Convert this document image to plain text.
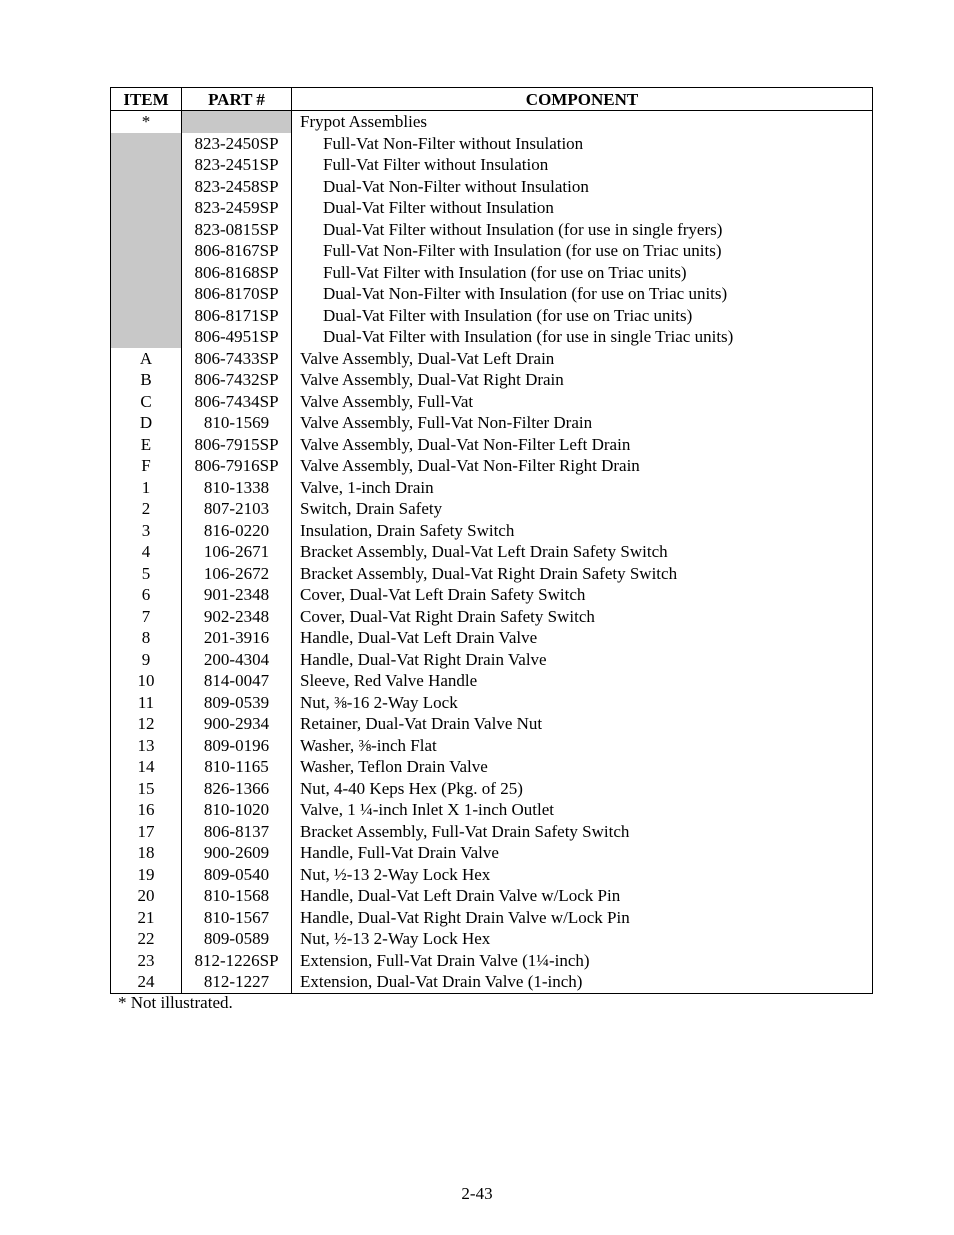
ITEM	PART #	COMPONENT
*		Frypot Assemblies
	823-2450SP	Full-Vat Non-Filter without Insulation
	823-2451SP	Full-Vat Filter without Insulation
	823-2458SP	Dual-Vat Non-Filter without Insulation
	823-2459SP	Dual-Vat Filter without Insulation
	823-0815SP	Dual-Vat Filter without Insulation (for use in single fryers)
	806-8167SP	Full-Vat Non-Filter with Insulation (for use on Triac units)
	806-8168SP	Full-Vat Filter with Insulation (for use on Triac units)
	806-8170SP	Dual-Vat Non-Filter with Insulation (for use on Triac units)
	806-8171SP	Dual-Vat Filter with Insulation (for use on Triac units)
	806-4951SP	Dual-Vat Filter with Insulation (for use in single Triac units)
A	806-7433SP	Valve Assembly, Dual-Vat Left Drain
B	806-7432SP	Valve Assembly, Dual-Vat Right Drain
C	806-7434SP	Valve Assembly, Full-Vat
D	810-1569	Valve Assembly, Full-Vat Non-Filter Drain
E	806-7915SP	Valve Assembly, Dual-Vat Non-Filter Left Drain
F	806-7916SP	Valve Assembly, Dual-Vat Non-Filter Right Drain
1	810-1338	Valve, 1-inch Drain
2	807-2103	Switch, Drain Safety
3	816-0220	Insulation, Drain Safety Switch
4	106-2671	Bracket Assembly, Dual-Vat Left Drain Safety Switch
5	106-2672	Bracket Assembly, Dual-Vat Right Drain Safety Switch
6	901-2348	Cover, Dual-Vat Left Drain Safety Switch
7	902-2348	Cover, Dual-Vat Right Drain Safety Switch
8	201-3916	Handle, Dual-Vat Left Drain Valve
9	200-4304	Handle, Dual-Vat Right Drain Valve
10	814-0047	Sleeve, Red Valve Handle
11	809-0539	Nut, ⅜-16 2-Way Lock
12	900-2934	Retainer, Dual-Vat Drain Valve Nut
13	809-0196	Washer, ⅜-inch Flat
14	810-1165	Washer, Teflon Drain Valve
15	826-1366	Nut, 4-40 Keps Hex (Pkg. of 25)
16	810-1020	Valve, 1 ¼-inch Inlet X 1-inch Outlet
17	806-8137	Bracket Assembly, Full-Vat Drain Safety Switch
18	900-2609	Handle, Full-Vat Drain Valve
19	809-0540	Nut, ½-13 2-Way Lock Hex
20	810-1568	Handle, Dual-Vat Left Drain Valve w/Lock Pin
21	810-1567	Handle, Dual-Vat Right Drain Valve w/Lock Pin
22	809-0589	Nut, ½-13 2-Way Lock Hex
23	812-1226SP	Extension, Full-Vat Drain Valve (1¼-inch)
24	812-1227	Extension, Dual-Vat Drain Valve (1-inch)
* Not illustrated.
2-43
